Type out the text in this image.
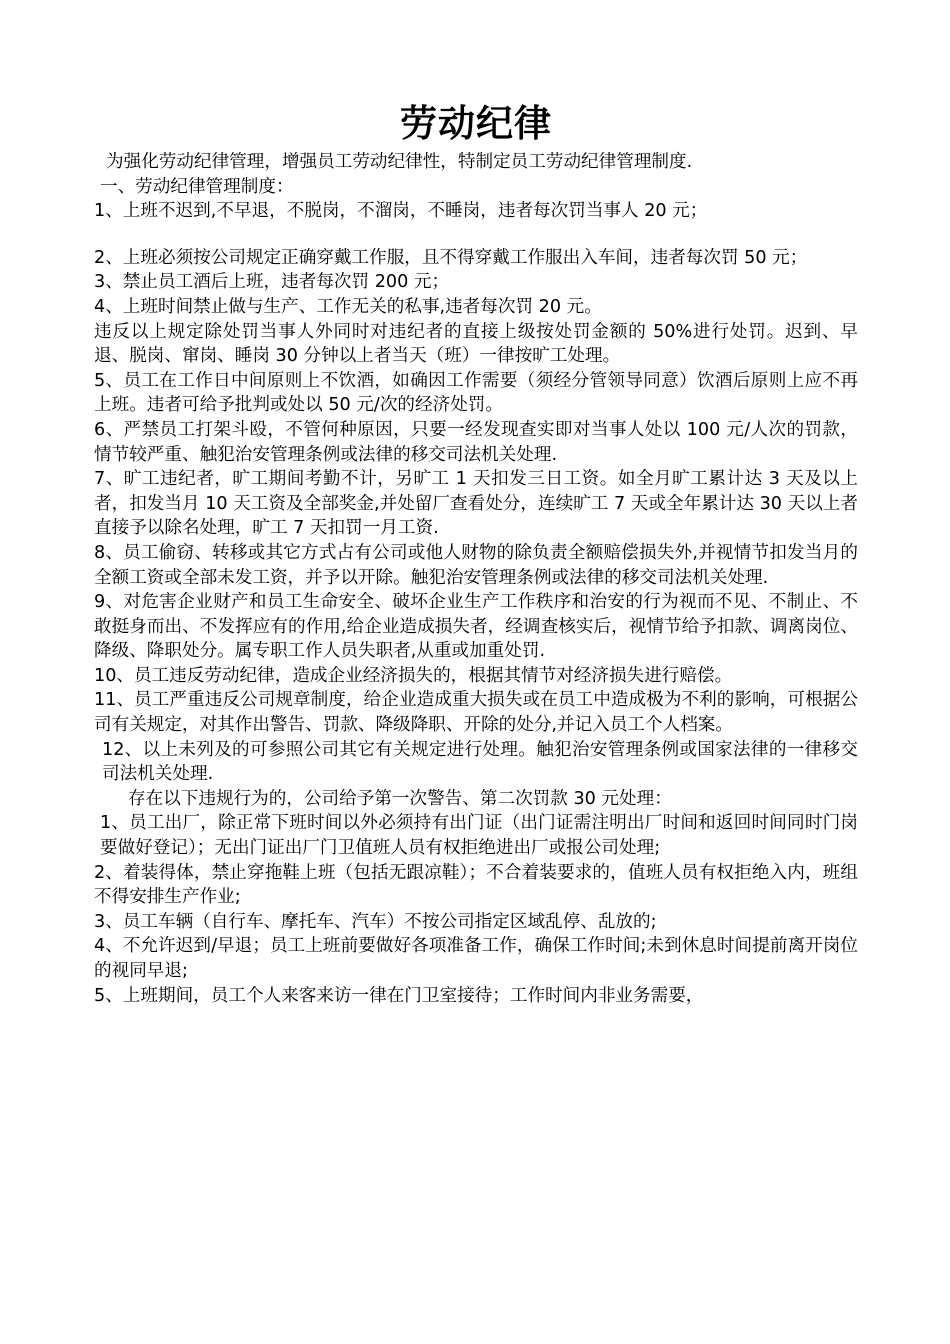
劳动纪律

为强化劳动纪律管理，增强员工劳动纪律性，特制定员工劳动纪律管理制度.

一、劳动纪律管理制度：

1、上班不迟到,不早退，不脱岗，不溜岗，不睡岗，违者每次罚当事人 20 元；

2、上班必须按公司规定正确穿戴工作服，且不得穿戴工作服出入车间，违者每次罚 50 元；

3、禁止员工酒后上班，违者每次罚 200 元；

4、上班时间禁止做与生产、工作无关的私事,违者每次罚 20 元。

违反以上规定除处罚当事人外同时对违纪者的直接上级按处罚金额的 50%进行处罚。迟到、早退、脱岗、窜岗、睡岗 30 分钟以上者当天（班）一律按旷工处理。

5、员工在工作日中间原则上不饮酒，如确因工作需要（须经分管领导同意）饮酒后原则上应不再上班。违者可给予批判或处以 50 元/次的经济处罚。

6、严禁员工打架斗殴，不管何种原因，只要一经发现查实即对当事人处以 100 元/人次的罚款，情节较严重、触犯治安管理条例或法律的移交司法机关处理.

7、旷工违纪者，旷工期间考勤不计，另旷工 1 天扣发三日工资。如全月旷工累计达 3 天及以上者，扣发当月 10 天工资及全部奖金,并处留厂查看处分，连续旷工 7 天或全年累计达 30 天以上者直接予以除名处理，旷工 7 天扣罚一月工资.

8、员工偷窃、转移或其它方式占有公司或他人财物的除负责全额赔偿损失外,并视情节扣发当月的全额工资或全部未发工资，并予以开除。触犯治安管理条例或法律的移交司法机关处理.

9、对危害企业财产和员工生命安全、破坏企业生产工作秩序和治安的行为视而不见、不制止、不敢挺身而出、不发挥应有的作用,给企业造成损失者，经调查核实后，视情节给予扣款、调离岗位、降级、降职处分。属专职工作人员失职者,从重或加重处罚.

10、员工违反劳动纪律，造成企业经济损失的，根据其情节对经济损失进行赔偿。

11、员工严重违反公司规章制度，给企业造成重大损失或在员工中造成极为不利的影响，可根据公司有关规定，对其作出警告、罚款、降级降职、开除的处分,并记入员工个人档案。

12、以上未列及的可参照公司其它有关规定进行处理。触犯治安管理条例或国家法律的一律移交司法机关处理.

存在以下违规行为的，公司给予第一次警告、第二次罚款 30 元处理：

1、员工出厂，除正常下班时间以外必须持有出门证（出门证需注明出厂时间和返回时间同时门岗要做好登记）；无出门证出厂门卫值班人员有权拒绝进出厂或报公司处理;

2、着装得体，禁止穿拖鞋上班（包括无跟凉鞋）；不合着装要求的，值班人员有权拒绝入内，班组不得安排生产作业;

3、员工车辆（自行车、摩托车、汽车）不按公司指定区域乱停、乱放的;

4、不允许迟到/早退；员工上班前要做好各项准备工作，确保工作时间;未到休息时间提前离开岗位的视同早退;

5、上班期间，员工个人来客来访一律在门卫室接待；工作时间内非业务需要，
